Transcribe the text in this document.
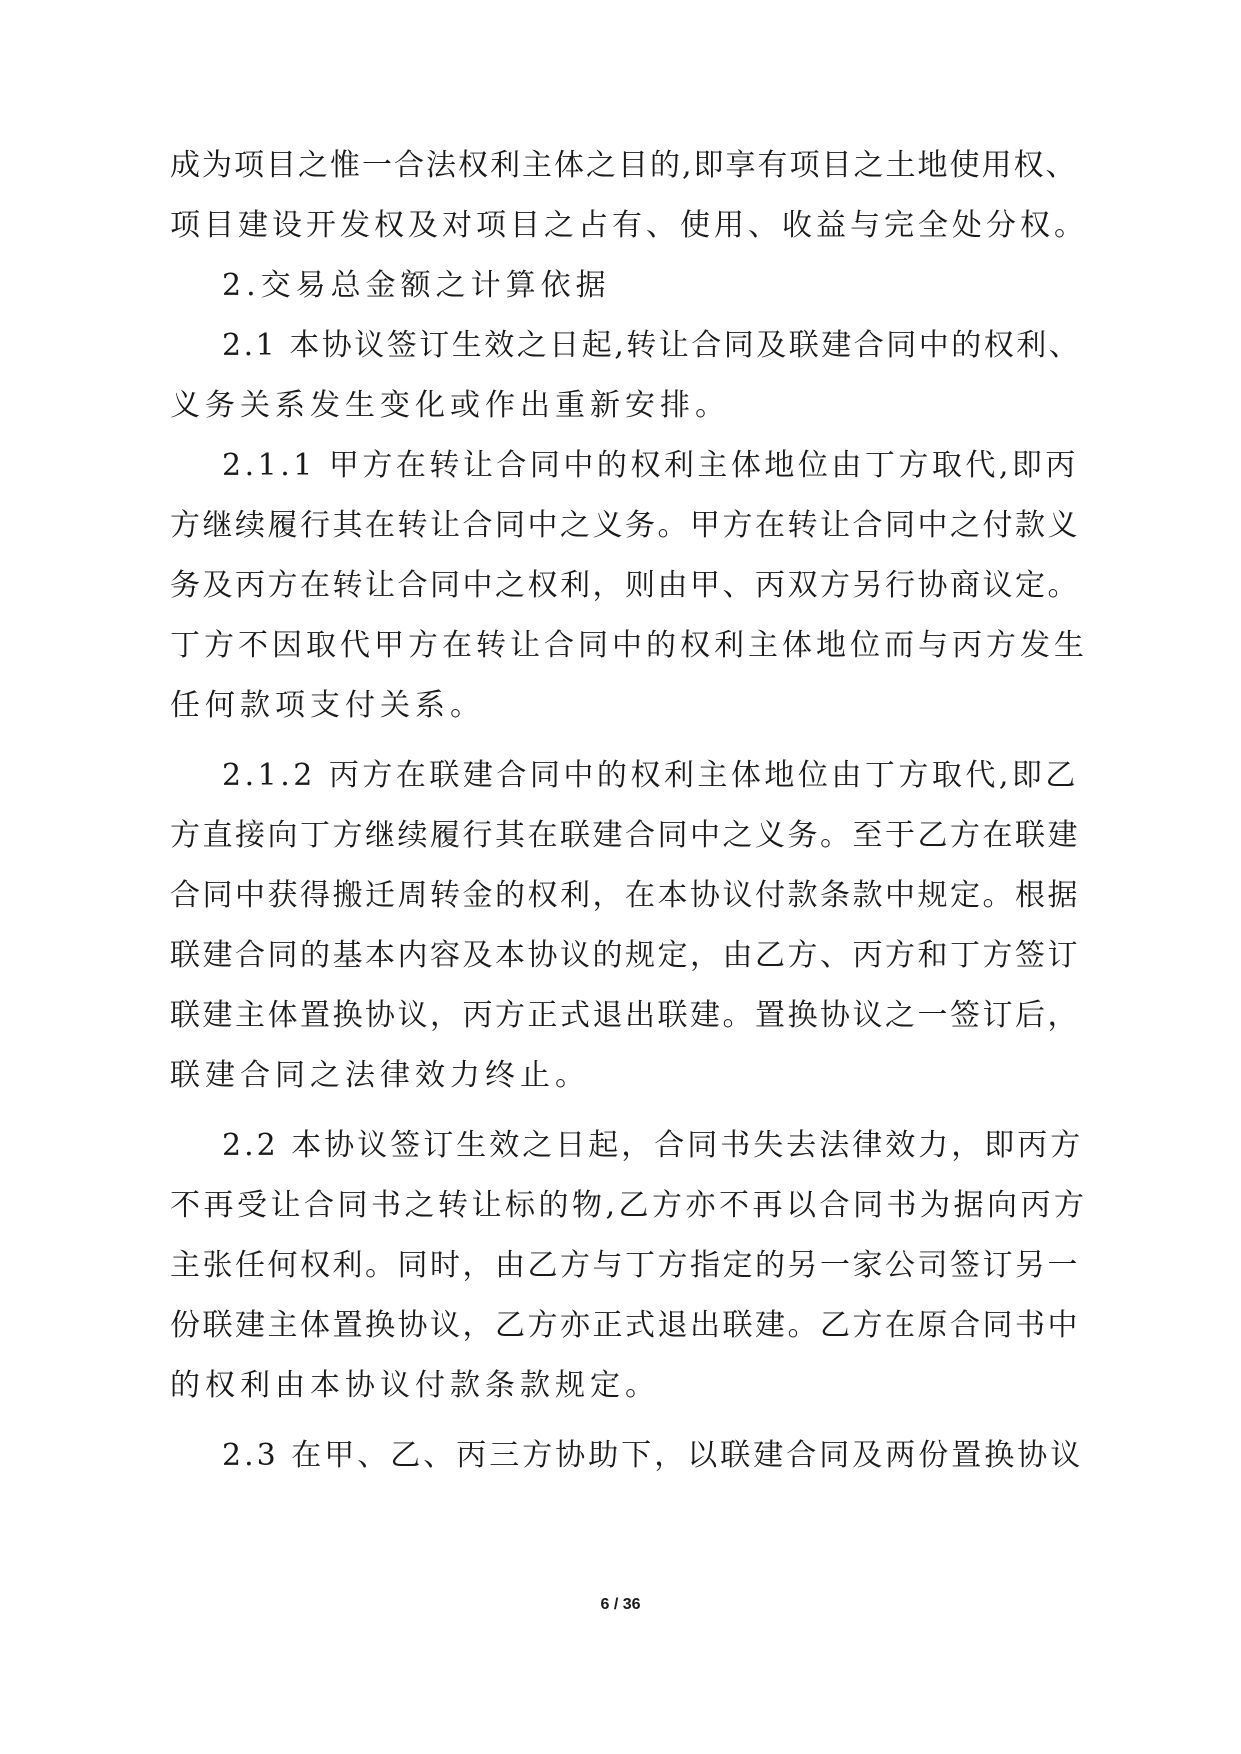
成为项目之惟一合法权利主体之目的,即享有项目之土地使用权、
项目建设开发权及对项目之占有、使用、收益与完全处分权。
2.交易总金额之计算依据
2.1 本协议签订生效之日起,转让合同及联建合同中的权利、
义务关系发生变化或作出重新安排。
2.1.1 甲方在转让合同中的权利主体地位由丁方取代,即丙
方继续履行其在转让合同中之义务。甲方在转让合同中之付款义
务及丙方在转让合同中之权利，则由甲、丙双方另行协商议定。
丁方不因取代甲方在转让合同中的权利主体地位而与丙方发生
任何款项支付关系。
2.1.2 丙方在联建合同中的权利主体地位由丁方取代,即乙
方直接向丁方继续履行其在联建合同中之义务。至于乙方在联建
合同中获得搬迁周转金的权利，在本协议付款条款中规定。根据
联建合同的基本内容及本协议的规定，由乙方、丙方和丁方签订
联建主体置换协议，丙方正式退出联建。置换协议之一签订后，
联建合同之法律效力终止。
2.2 本协议签订生效之日起，合同书失去法律效力，即丙方
不再受让合同书之转让标的物,乙方亦不再以合同书为据向丙方
主张任何权利。同时，由乙方与丁方指定的另一家公司签订另一
份联建主体置换协议，乙方亦正式退出联建。乙方在原合同书中
的权利由本协议付款条款规定。
2.3 在甲、乙、丙三方协助下，以联建合同及两份置换协议
6 / 36
